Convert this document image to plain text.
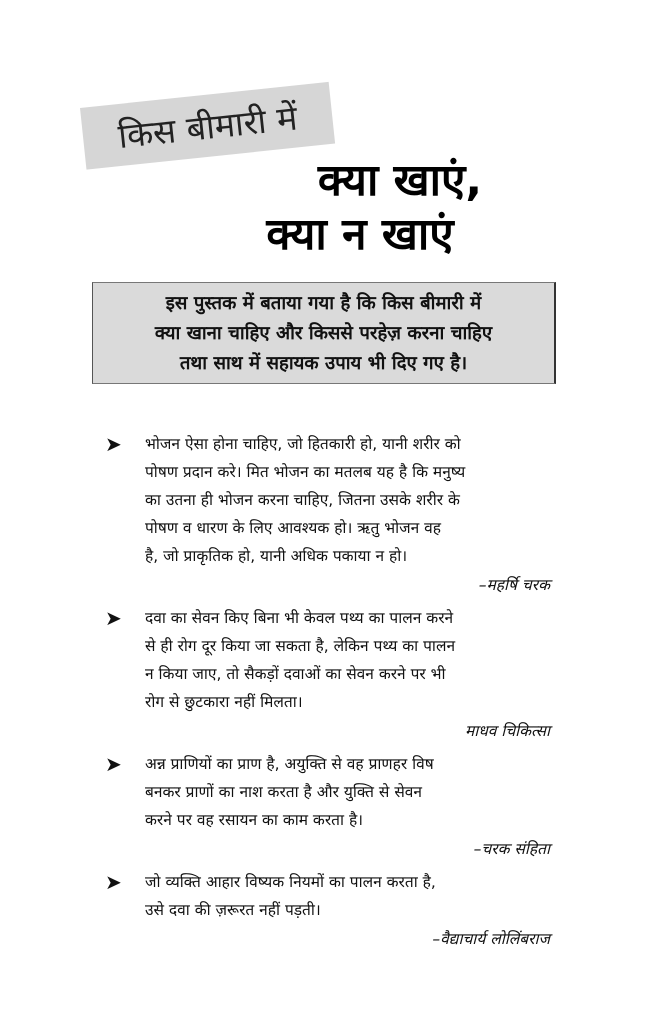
किस बीमारी में
क्या खाएं,
क्या न खाएं
इस पुस्तक में बताया गया है कि किस बीमारी में
क्या खाना चाहिए और किससे परहेज़ करना चाहिए
तथा साथ में सहायक उपाय भी दिए गए है।
➤ भोजन ऐसा होना चाहिए, जो हितकारी हो, यानी शरीर को
पोषण प्रदान करे। मित भोजन का मतलब यह है कि मनुष्य
का उतना ही भोजन करना चाहिए, जितना उसके शरीर के
पोषण व धारण के लिए आवश्यक हो। ऋतु भोजन वह
है, जो प्राकृतिक हो, यानी अधिक पकाया न हो।
–महर्षि चरक
➤ दवा का सेवन किए बिना भी केवल पथ्य का पालन करने
से ही रोग दूर किया जा सकता है, लेकिन पथ्य का पालन
न किया जाए, तो सैकड़ों दवाओं का सेवन करने पर भी
रोग से छुटकारा नहीं मिलता।
माधव चिकित्सा
➤ अन्न प्राणियों का प्राण है, अयुक्ति से वह प्राणहर विष
बनकर प्राणों का नाश करता है और युक्ति से सेवन
करने पर वह रसायन का काम करता है।
–चरक संहिता
➤ जो व्यक्ति आहार विष्यक नियमों का पालन करता है,
उसे दवा की ज़रूरत नहीं पड़ती।
–वैद्याचार्य लोलिंबराज
